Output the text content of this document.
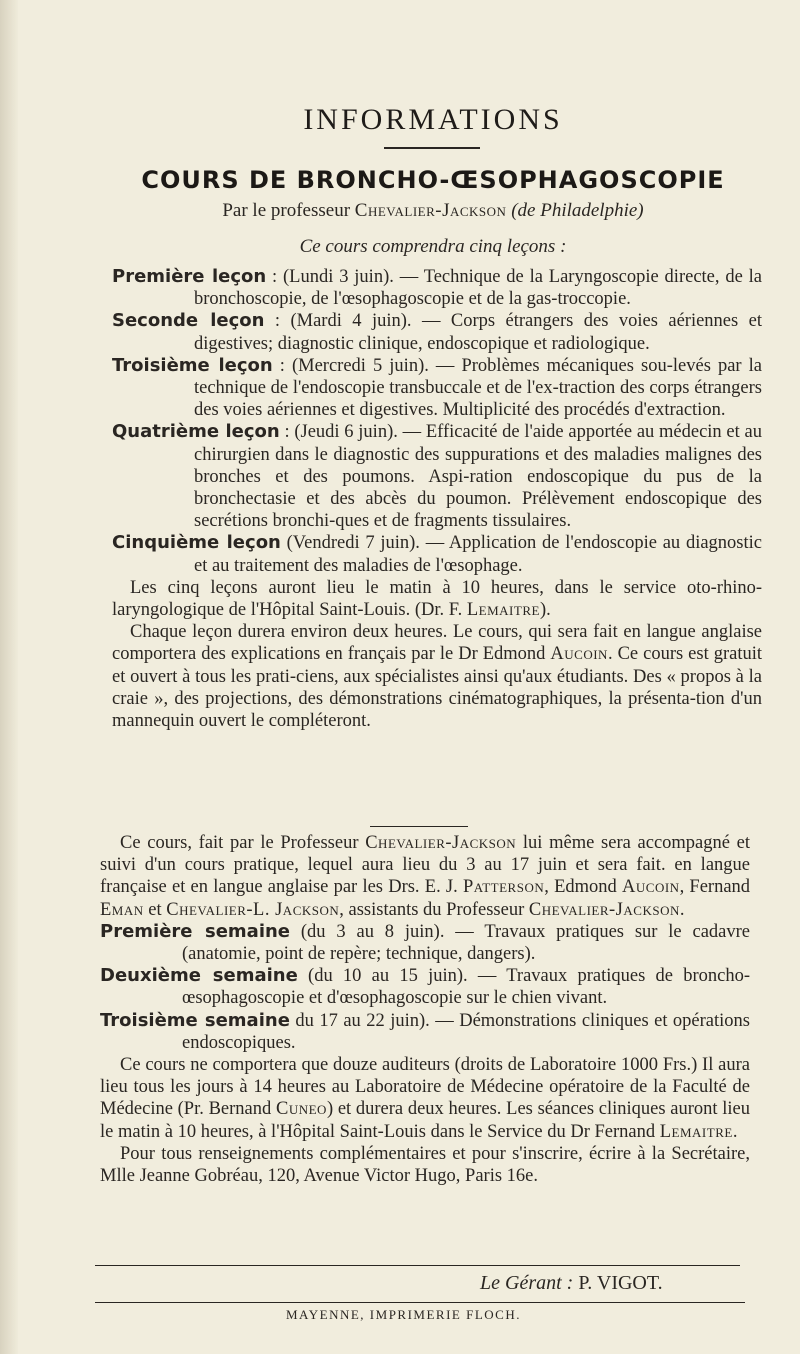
INFORMATIONS
COURS DE BRONCHO-ŒSOPHAGOSCOPIE
Par le professeur Chevalier-Jackson (de Philadelphie)
Ce cours comprendra cinq leçons :

Première leçon : (Lundi 3 juin). — Technique de la Laryngoscopie directe, de la bronchoscopie, de l'œsophagoscopie et de la gas-troccopie.

Seconde leçon : (Mardi 4 juin). — Corps étrangers des voies aériennes et digestives; diagnostic clinique, endoscopique et radiologique.

Troisième leçon : (Mercredi 5 juin). — Problèmes mécaniques sou-levés par la technique de l'endoscopie transbuccale et de l'ex-traction des corps étrangers des voies aériennes et digestives. Multiplicité des procédés d'extraction.

Quatrième leçon : (Jeudi 6 juin). — Efficacité de l'aide apportée au médecin et au chirurgien dans le diagnostic des suppurations et des maladies malignes des bronches et des poumons. Aspi-ration endoscopique du pus de la bronchectasie et des abcès du poumon. Prélèvement endoscopique des secrétions bronchi-ques et de fragments tissulaires.

Cinquième leçon (Vendredi 7 juin). — Application de l'endoscopie au diagnostic et au traitement des maladies de l'œsophage.

Les cinq leçons auront lieu le matin à 10 heures, dans le service oto-rhino-laryngologique de l'Hôpital Saint-Louis. (Dr. F. Lemaitre).

Chaque leçon durera environ deux heures. Le cours, qui sera fait en langue anglaise comportera des explications en français par le Dr Edmond Aucoin. Ce cours est gratuit et ouvert à tous les prati-ciens, aux spécialistes ainsi qu'aux étudiants. Des « propos à la craie », des projections, des démonstrations cinématographiques, la présenta-tion d'un mannequin ouvert le compléteront.

Ce cours, fait par le Professeur Chevalier-Jackson lui même sera accompagné et suivi d'un cours pratique, lequel aura lieu du 3 au 17 juin et sera fait. en langue française et en langue anglaise par les Drs. E. J. Patterson, Edmond Aucoin, Fernand Eman et Chevalier-L. Jackson, assistants du Professeur Chevalier-Jackson.

Première semaine (du 3 au 8 juin). — Travaux pratiques sur le cadavre (anatomie, point de repère; technique, dangers).

Deuxième semaine (du 10 au 15 juin). — Travaux pratiques de broncho-œsophagoscopie et d'œsophagoscopie sur le chien vivant.

Troisième semaine du 17 au 22 juin). — Démonstrations cliniques et opérations endoscopiques.

Ce cours ne comportera que douze auditeurs (droits de Laboratoire 1000 Frs.) Il aura lieu tous les jours à 14 heures au Laboratoire de Médecine opératoire de la Faculté de Médecine (Pr. Bernand Cuneo) et durera deux heures. Les séances cliniques auront lieu le matin à 10 heures, à l'Hôpital Saint-Louis dans le Service du Dr Fernand Lemaitre.

Pour tous renseignements complémentaires et pour s'inscrire, écrire à la Secrétaire, Mlle Jeanne Gobréau, 120, Avenue Victor Hugo, Paris 16e.

Le Gérant : P. VIGOT.
MAYENNE, IMPRIMERIE FLOCH.
